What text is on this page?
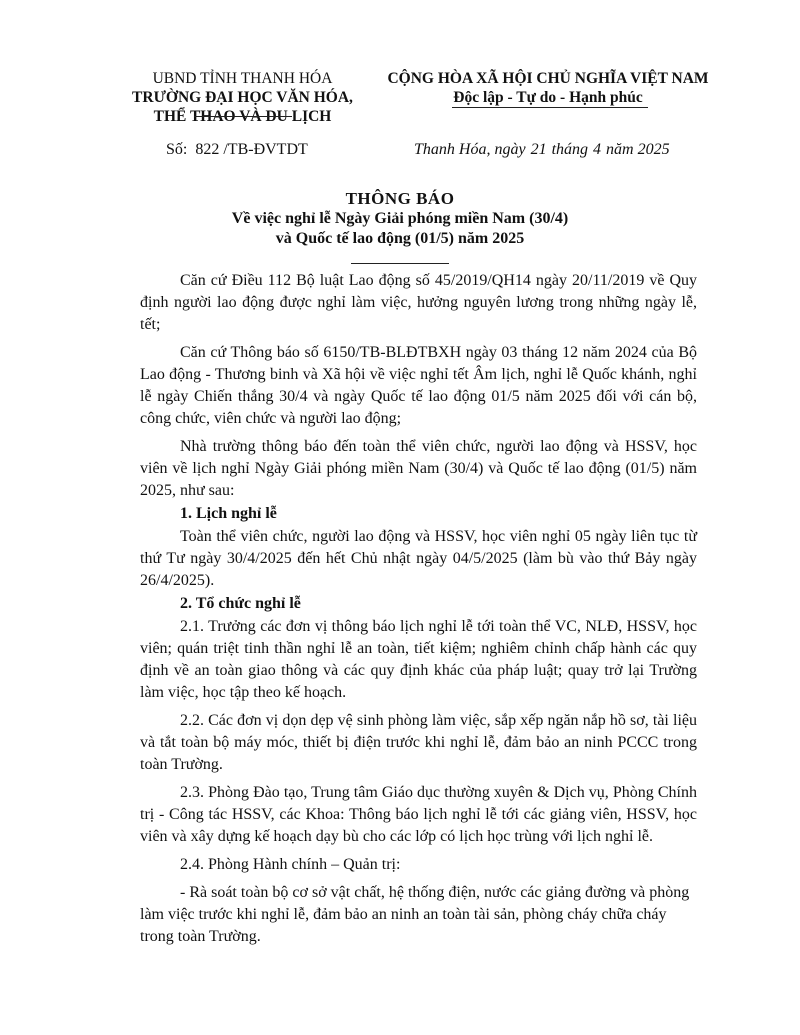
UBND TỈNH THANH HÓA
TRƯỜNG ĐẠI HỌC VĂN HÓA,
THỂ THAO VÀ DU LỊCH
CỘNG HÒA XÃ HỘI CHỦ NGHĨA VIỆT NAM
Độc lập - Tự do - Hạnh phúc
Số: 822 /TB-ĐVTDT	Thanh Hóa, ngày 21 tháng 4 năm 2025
THÔNG BÁO
Về việc nghỉ lễ Ngày Giải phóng miền Nam (30/4)
và Quốc tế lao động (01/5) năm 2025

Căn cứ Điều 112 Bộ luật Lao động số 45/2019/QH14 ngày 20/11/2019 về Quy định người lao động được nghỉ làm việc, hưởng nguyên lương trong những ngày lễ, tết;

Căn cứ Thông báo số 6150/TB-BLĐTBXH ngày 03 tháng 12 năm 2024 của Bộ Lao động - Thương binh và Xã hội về việc nghỉ tết Âm lịch, nghỉ lễ Quốc khánh, nghỉ lễ ngày Chiến thắng 30/4 và ngày Quốc tế lao động 01/5 năm 2025 đối với cán bộ, công chức, viên chức và người lao động;

Nhà trường thông báo đến toàn thể viên chức, người lao động và HSSV, học viên về lịch nghỉ Ngày Giải phóng miền Nam (30/4) và Quốc tế lao động (01/5) năm 2025, như sau:

1. Lịch nghỉ lễ

Toàn thể viên chức, người lao động và HSSV, học viên nghỉ 05 ngày liên tục từ thứ Tư ngày 30/4/2025 đến hết Chủ nhật ngày 04/5/2025 (làm bù vào thứ Bảy ngày 26/4/2025).

2. Tổ chức nghỉ lễ

2.1. Trưởng các đơn vị thông báo lịch nghỉ lễ tới toàn thể VC, NLĐ, HSSV, học viên; quán triệt tinh thần nghỉ lễ an toàn, tiết kiệm; nghiêm chỉnh chấp hành các quy định về an toàn giao thông và các quy định khác của pháp luật; quay trở lại Trường làm việc, học tập theo kế hoạch.

2.2. Các đơn vị dọn dẹp vệ sinh phòng làm việc, sắp xếp ngăn nắp hồ sơ, tài liệu và tắt toàn bộ máy móc, thiết bị điện trước khi nghỉ lễ, đảm bảo an ninh PCCC trong toàn Trường.

2.3. Phòng Đào tạo, Trung tâm Giáo dục thường xuyên & Dịch vụ, Phòng Chính trị - Công tác HSSV, các Khoa: Thông báo lịch nghỉ lễ tới các giảng viên, HSSV, học viên và xây dựng kế hoạch dạy bù cho các lớp có lịch học trùng với lịch nghỉ lễ.

2.4. Phòng Hành chính – Quản trị:

- Rà soát toàn bộ cơ sở vật chất, hệ thống điện, nước các giảng đường và phòng làm việc trước khi nghỉ lễ, đảm bảo an ninh an toàn tài sản, phòng cháy chữa cháy trong toàn Trường.
